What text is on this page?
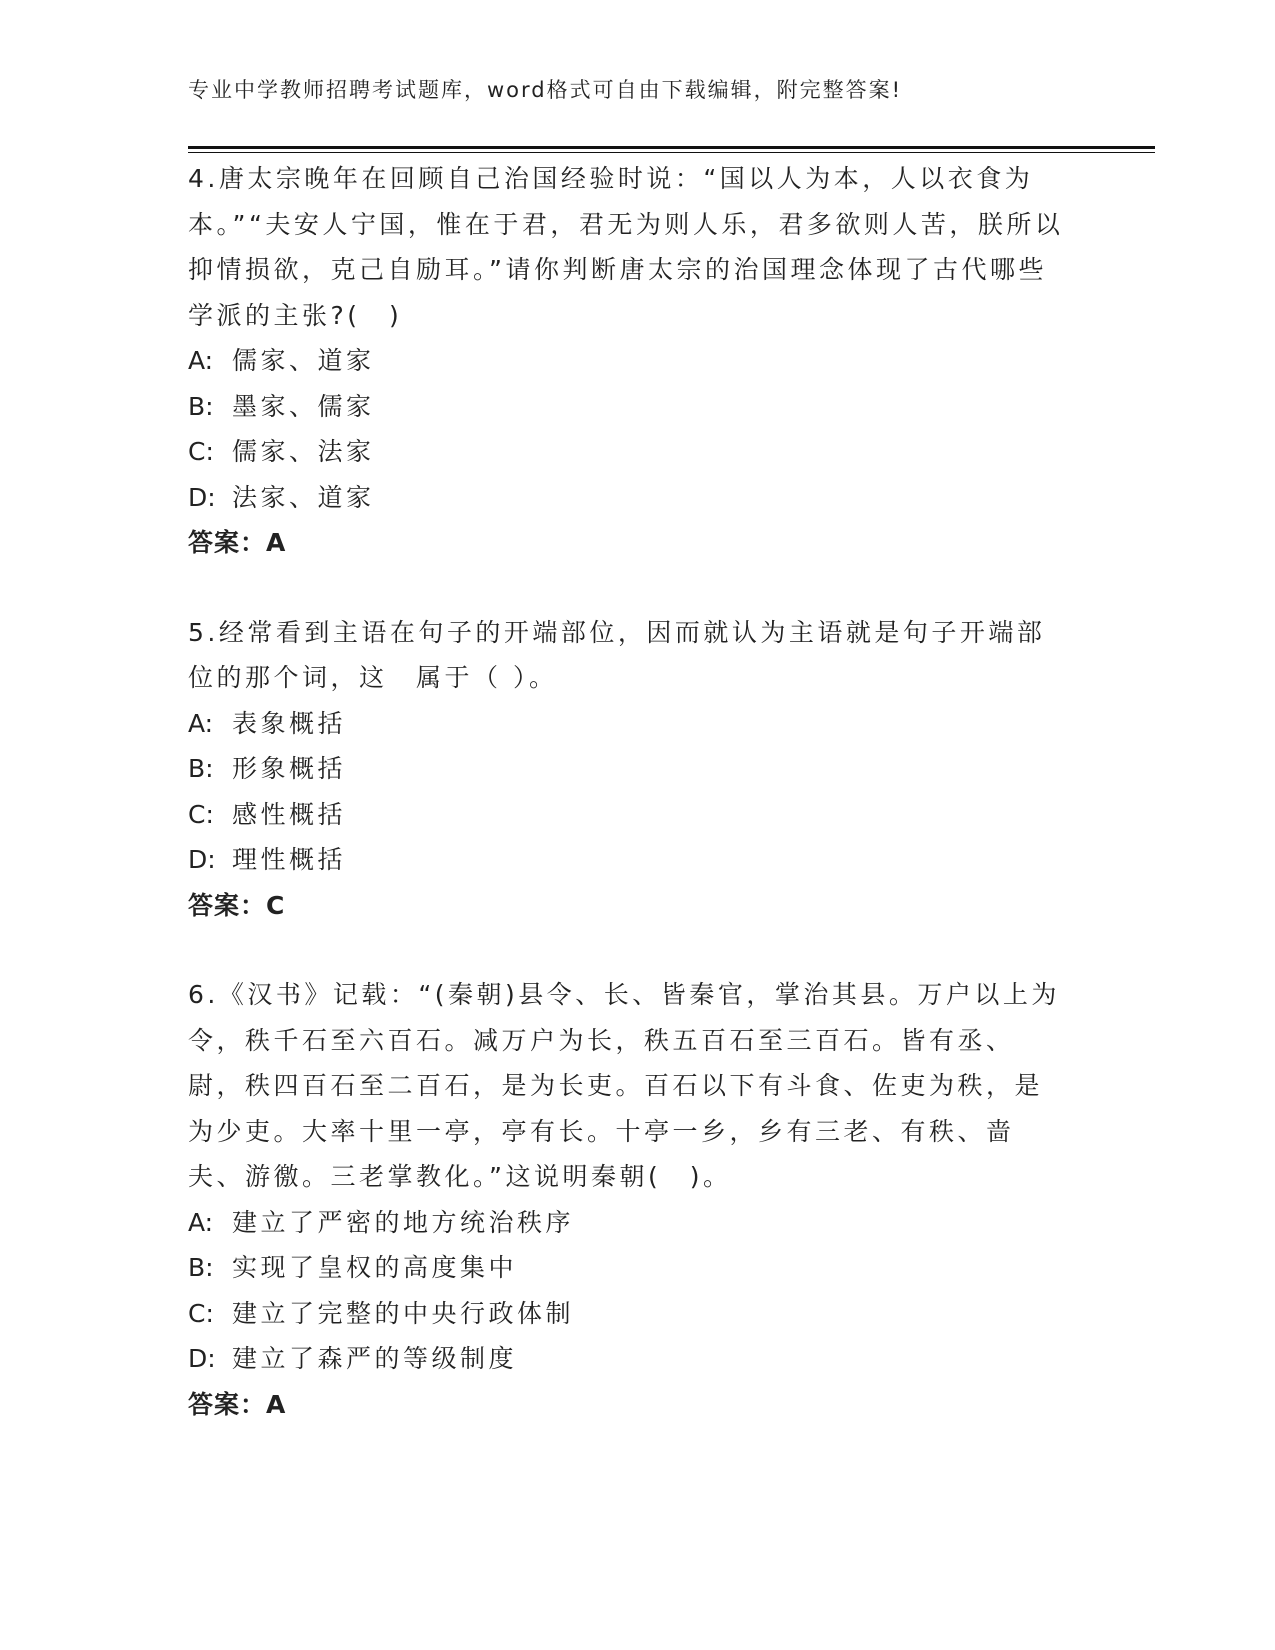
专业中学教师招聘考试题库，word格式可自由下载编辑，附完整答案!

4.唐太宗晚年在回顾自己治国经验时说：“国以人为本，人以衣食为本。”“夫安人宁国，惟在于君，君无为则人乐，君多欲则人苦，朕所以抑情损欲，克己自励耳。”请你判断唐太宗的治国理念体现了古代哪些学派的主张?(　)

A: 儒家、道家
B: 墨家、儒家
C: 儒家、法家
D: 法家、道家
答案：A

5.经常看到主语在句子的开端部位，因而就认为主语就是句子开端部位的那个词，这　属于（ ）。

A: 表象概括
B: 形象概括
C: 感性概括
D: 理性概括
答案：C

6.《汉书》记载：“(秦朝)县令、长、皆秦官，掌治其县。万户以上为令，秩千石至六百石。减万户为长，秩五百石至三百石。皆有丞、尉，秩四百石至二百石，是为长吏。百石以下有斗食、佐吏为秩，是为少吏。大率十里一亭，亭有长。十亭一乡，乡有三老、有秩、啬夫、游徼。三老掌教化。”这说明秦朝(　)。

A: 建立了严密的地方统治秩序
B: 实现了皇权的高度集中
C: 建立了完整的中央行政体制
D: 建立了森严的等级制度
答案：A
